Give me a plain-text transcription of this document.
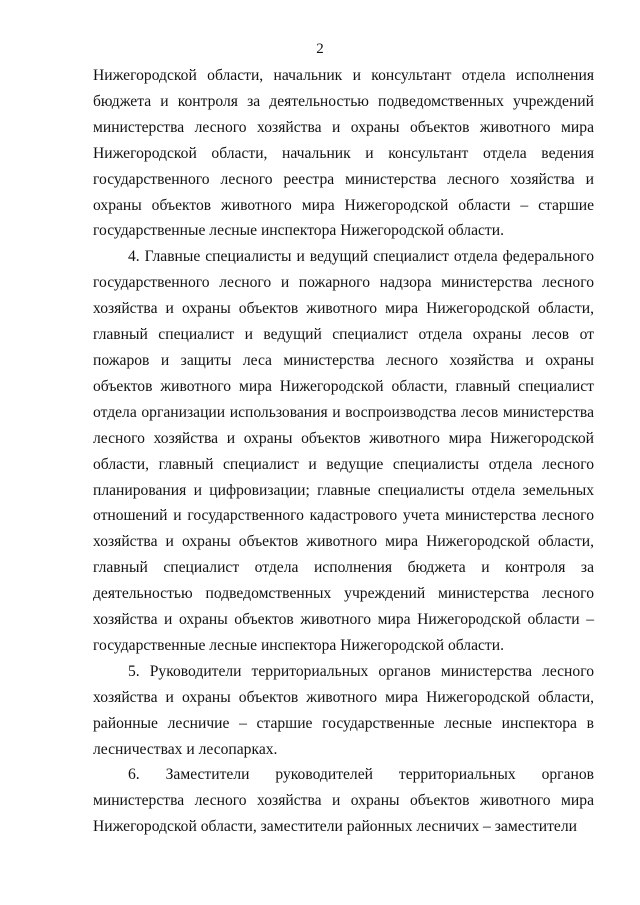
2

Нижегородской области, начальник и консультант отдела исполнения бюджета и контроля за деятельностью подведомственных учреждений министерства лесного хозяйства и охраны объектов животного мира Нижегородской области, начальник и консультант отдела ведения государственного лесного реестра министерства лесного хозяйства и охраны объектов животного мира Нижегородской области – старшие государственные лесные инспектора Нижегородской области.

4. Главные специалисты и ведущий специалист отдела федерального государственного лесного и пожарного надзора министерства лесного хозяйства и охраны объектов животного мира Нижегородской области, главный специалист и ведущий специалист отдела охраны лесов от пожаров и защиты леса министерства лесного хозяйства и охраны объектов животного мира Нижегородской области, главный специалист отдела организации использования и воспроизводства лесов министерства лесного хозяйства и охраны объектов животного мира Нижегородской области, главный специалист и ведущие специалисты отдела лесного планирования и цифровизации; главные специалисты отдела земельных отношений и государственного кадастрового учета министерства лесного хозяйства и охраны объектов животного мира Нижегородской области, главный специалист отдела исполнения бюджета и контроля за деятельностью подведомственных учреждений министерства лесного хозяйства и охраны объектов животного мира Нижегородской области – государственные лесные инспектора Нижегородской области.

5. Руководители территориальных органов министерства лесного хозяйства и охраны объектов животного мира Нижегородской области, районные лесничие – старшие государственные лесные инспектора в лесничествах и лесопарках.

6. Заместители руководителей территориальных органов министерства лесного хозяйства и охраны объектов животного мира Нижегородской области, заместители районных лесничих – заместители
